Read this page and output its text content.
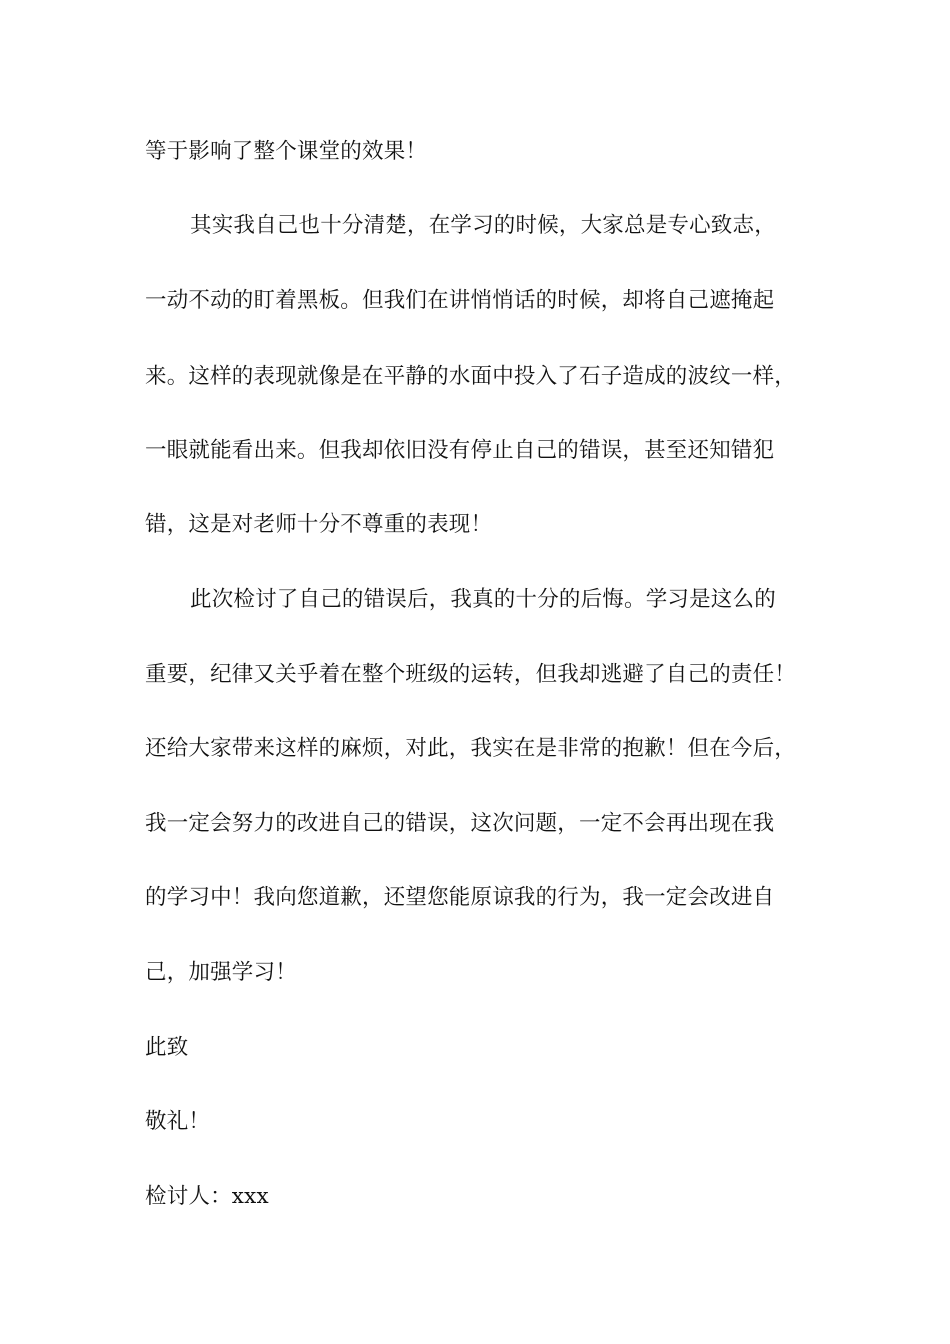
等于影响了整个课堂的效果！
其实我自己也十分清楚，在学习的时候，大家总是专心致志，
一动不动的盯着黑板。但我们在讲悄悄话的时候，却将自己遮掩起
来。这样的表现就像是在平静的水面中投入了石子造成的波纹一样，
一眼就能看出来。但我却依旧没有停止自己的错误，甚至还知错犯
错，这是对老师十分不尊重的表现！
此次检讨了自己的错误后，我真的十分的后悔。学习是这么的
重要，纪律又关乎着在整个班级的运转，但我却逃避了自己的责任！
还给大家带来这样的麻烦，对此，我实在是非常的抱歉！但在今后，
我一定会努力的改进自己的错误，这次问题，一定不会再出现在我
的学习中！我向您道歉，还望您能原谅我的行为，我一定会改进自
己，加强学习！
此致
敬礼！
检讨人：xxx
